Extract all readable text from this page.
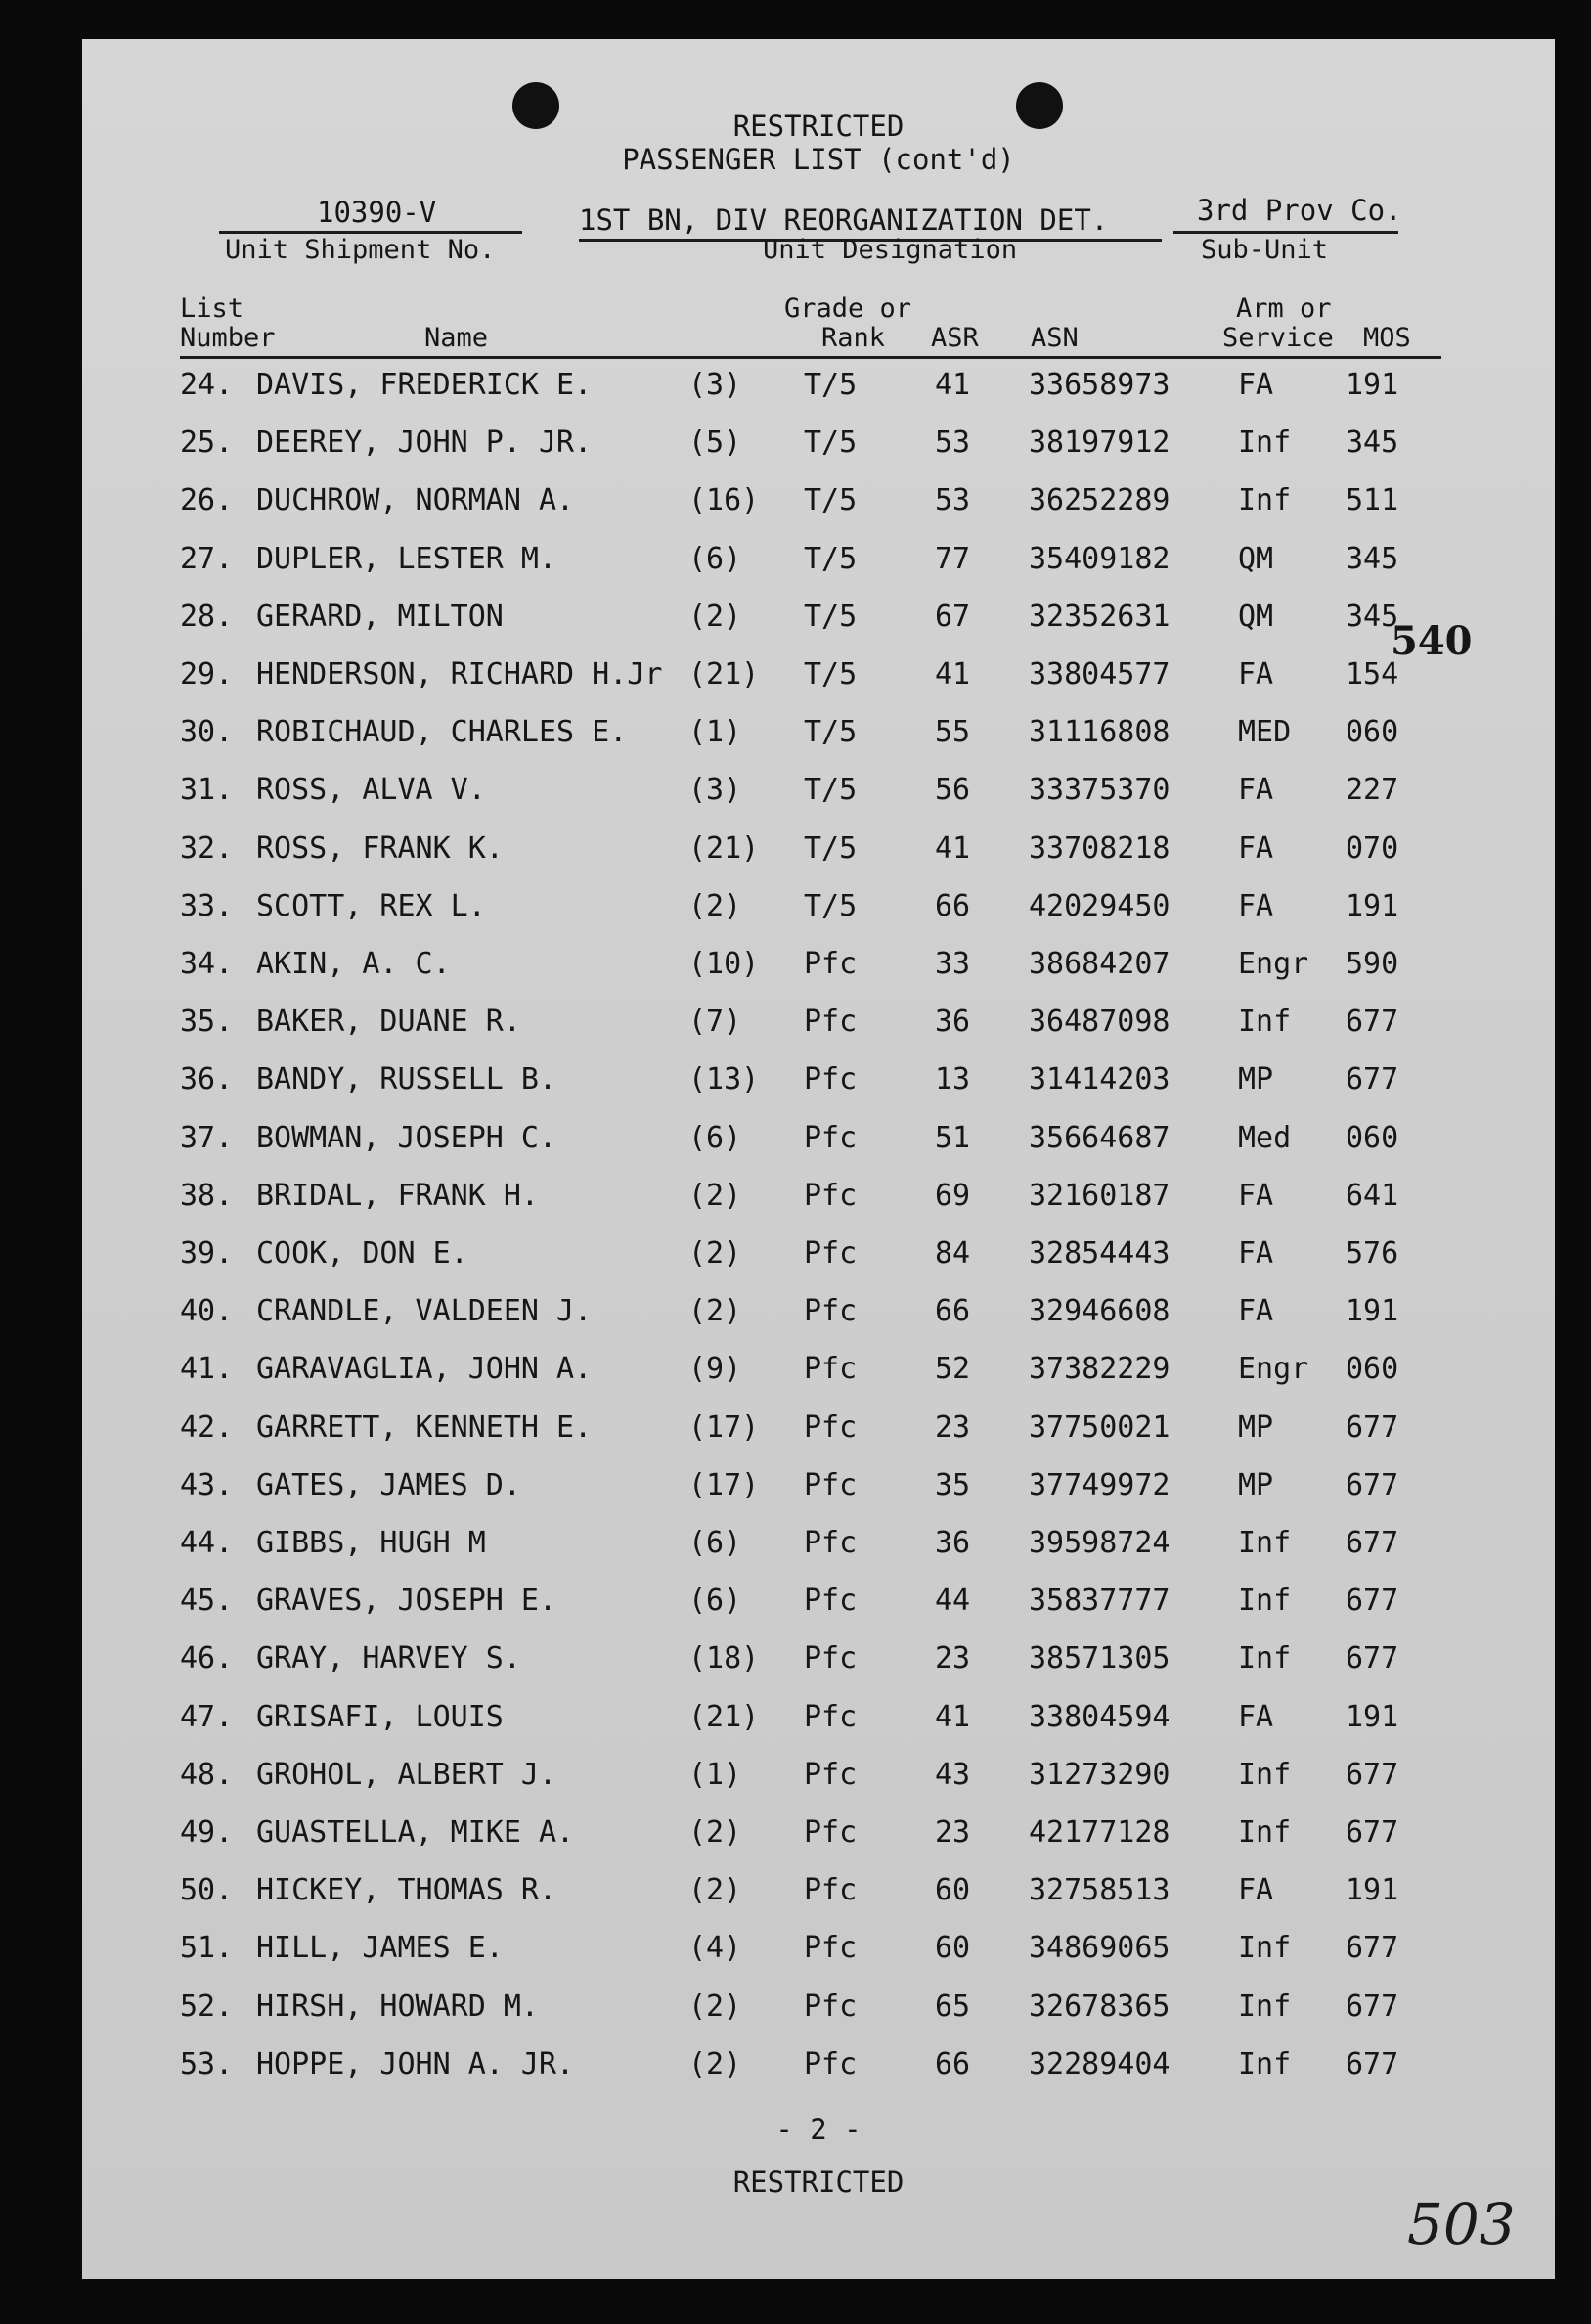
RESTRICTED
PASSENGER LIST (cont'd)
10390-V
Unit Shipment No.
1ST BN, DIV REORGANIZATION DET.
Unit Designation
3rd Prov Co.
Sub-Unit
List
Number	Name
Grade or
Rank ASR ASN
Arm or
Service MOS
24. DAVIS, FREDERICK E.	(3) T/5	41 33658973 FA 191
25. DEEREY, JOHN P. JR.	(5) T/5	53 38197912 Inf 345
26. DUCHROW, NORMAN A.	(16) T/5	53 36252289 Inf 511
27. DUPLER, LESTER M.	(6) T/5	77 35409182 QM 345
28. GERARD, MILTON	(2) T/5	67 32352631 QM 345
29. HENDERSON, RICHARD H.Jr (21) T/5	41 33804577 FA 154
30. ROBICHAUD, CHARLES E. (1) T/5	55 31116808 MED 060
31. ROSS, ALVA V.	(3) T/5	56 33375370 FA 227
32. ROSS, FRANK K.	(21) T/5	41 33708218 FA 070
33. SCOTT, REX L.	(2) T/5	66 42029450 FA 191
34. AKIN, A. C.	(10) Pfc	33 38684207 Engr 590
35. BAKER, DUANE R.	(7) Pfc	36 36487098 Inf 677
36. BANDY, RUSSELL B.	(13) Pfc	13 31414203 MP 677
37. BOWMAN, JOSEPH C.	(6) Pfc	51 35664687 Med 060
38. BRIDAL, FRANK H.	(2) Pfc	69 32160187 FA 641
39. COOK, DON E.	(2) Pfc	84 32854443 FA 576
40. CRANDLE, VALDEEN J.	(2) Pfc	66 32946608 FA 191
41. GARAVAGLIA, JOHN A.	(9) Pfc	52 37382229 Engr 060
42. GARRETT, KENNETH E.	(17) Pfc	23 37750021 MP 677
43. GATES, JAMES D.	(17) Pfc	35 37749972 MP 677
44. GIBBS, HUGH M	(6) Pfc	36 39598724 Inf 677
45. GRAVES, JOSEPH E.	(6) Pfc	44 35837777 Inf 677
46. GRAY, HARVEY S.	(18) Pfc	23 38571305 Inf 677
47. GRISAFI, LOUIS	(21) Pfc	41 33804594 FA 191
48. GROHOL, ALBERT J.	(1) Pfc	43 31273290 Inf 677
49. GUASTELLA, MIKE A.	(2) Pfc	23 42177128 Inf 677
50. HICKEY, THOMAS R.	(2) Pfc	60 32758513 FA 191
51. HILL, JAMES E.	(4) Pfc	60 34869065 Inf 677
52. HIRSH, HOWARD M.	(2) Pfc	65 32678365 Inf 677
53. HOPPE, JOHN A. JR.	(2) Pfc	66 32289404 Inf 677
540
- 2 -
RESTRICTED
503
